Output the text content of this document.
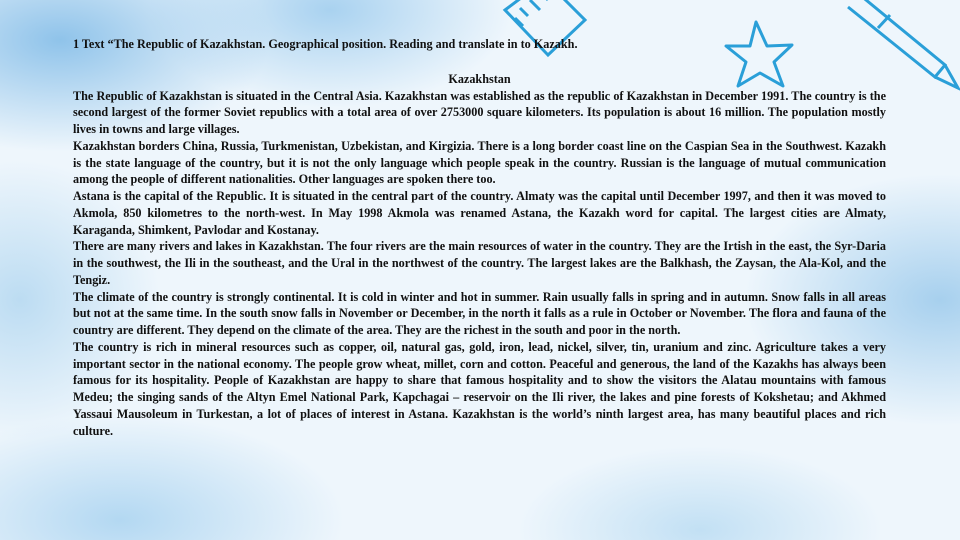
1 Text “The Republic of Kazakhstan. Geographical position. Reading and translate in to Kazakh.

Kazakhstan

The Republic of Kazakhstan is situated in the Central Asia. Kazakhstan was established as the republic of Kazakhstan in December 1991. The country is the second largest of the former Soviet republics with a total area of over 2753000 square kilometers. Its population is about 16 million. The population mostly lives in towns and large villages.

Kazakhstan borders China, Russia, Turkmenistan, Uzbekistan, and Kirgizia. There is a long border coast line on the Caspian Sea in the Southwest. Kazakh is the state language of the country, but it is not the only language which people speak in the country. Russian is the language of mutual communication among the people of different nationalities. Other languages are spoken there too.

Astana is the capital of the Republic. It is situated in the central part of the country. Almaty was the capital until December 1997, and then it was moved to Akmola, 850 kilometres to the north-west. In May 1998 Akmola was renamed Astana, the Kazakh word for capital. The largest cities are Almaty, Karaganda, Shimkent, Pavlodar and Kostanay.

There are many rivers and lakes in Kazakhstan. The four rivers are the main resources of water in the country. They are the Irtish in the east, the Syr-Daria in the southwest, the Ili in the southeast, and the Ural in the northwest of the country. The largest lakes are the Balkhash, the Zaysan, the Ala-Kol, and the Tengiz.

The climate of the country is strongly continental. It is cold in winter and hot in summer. Rain usually falls in spring and in autumn. Snow falls in all areas but not at the same time. In the south snow falls in November or December, in the north it falls as a rule in October or November. The flora and fauna of the country are different. They depend on the climate of the area. They are the richest in the south and poor in the north.

The country is rich in mineral resources such as copper, oil, natural gas, gold, iron, lead, nickel, silver, tin, uranium and zinc. Agriculture takes a very important sector in the national economy. The people grow wheat, millet, corn and cotton. Peaceful and generous, the land of the Kazakhs has always been famous for its hospitality. People of Kazakhstan are happy to share that famous hospitality and to show the visitors the Alatau mountains with famous Medeu; the singing sands of the Altyn Emel National Park, Kapchagai – reservoir on the Ili river, the lakes and pine forests of Kokshetau; and Akhmed Yassaui Mausoleum in Turkestan, a lot of places of interest in Astana. Kazakhstan is the world’s ninth largest area, has many beautiful places and rich culture.
